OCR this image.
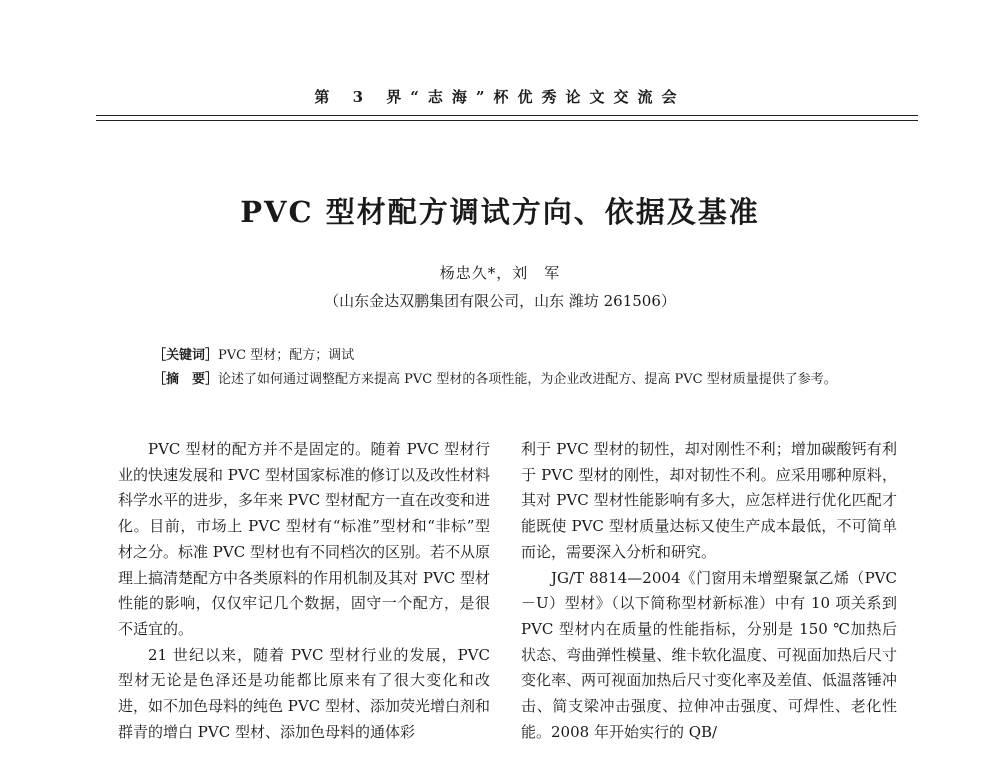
第 3 界“志海”杯优秀论文交流会
PVC 型材配方调试方向、依据及基准
杨忠久*，刘　军
（山东金达双鹏集团有限公司，山东 潍坊 261506）
［关键词］PVC 型材；配方；调试
［摘　要］论述了如何通过调整配方来提高 PVC 型材的各项性能，为企业改进配方、提高 PVC 型材质量提供了参考。

PVC 型材的配方并不是固定的。随着 PVC 型材行业的快速发展和 PVC 型材国家标准的修订以及改性材料科学水平的进步，多年来 PVC 型材配方一直在改变和进化。目前，市场上 PVC 型材有“标准”型材和“非标”型材之分。标准 PVC 型材也有不同档次的区别。若不从原理上搞清楚配方中各类原料的作用机制及其对 PVC 型材性能的影响，仅仅牢记几个数据，固守一个配方，是很不适宜的。

21 世纪以来，随着 PVC 型材行业的发展，PVC 型材无论是色泽还是功能都比原来有了很大变化和改进，如不加色母料的纯色 PVC 型材、添加荧光增白剂和群青的增白 PVC 型材、添加色母料的通体彩

利于 PVC 型材的韧性，却对刚性不利；增加碳酸钙有利于 PVC 型材的刚性，却对韧性不利。应采用哪种原料，其对 PVC 型材性能影响有多大，应怎样进行优化匹配才能既使 PVC 型材质量达标又使生产成本最低，不可简单而论，需要深入分析和研究。

JG/T 8814—2004《门窗用未增塑聚氯乙烯（PVC－U）型材》（以下简称型材新标准）中有 10 项关系到 PVC 型材内在质量的性能指标，分别是 150 ℃加热后状态、弯曲弹性模量、维卡软化温度、可视面加热后尺寸变化率、两可视面加热后尺寸变化率及差值、低温落锤冲击、简支梁冲击强度、拉伸冲击强度、可焊性、老化性能。2008 年开始实行的 QB/
